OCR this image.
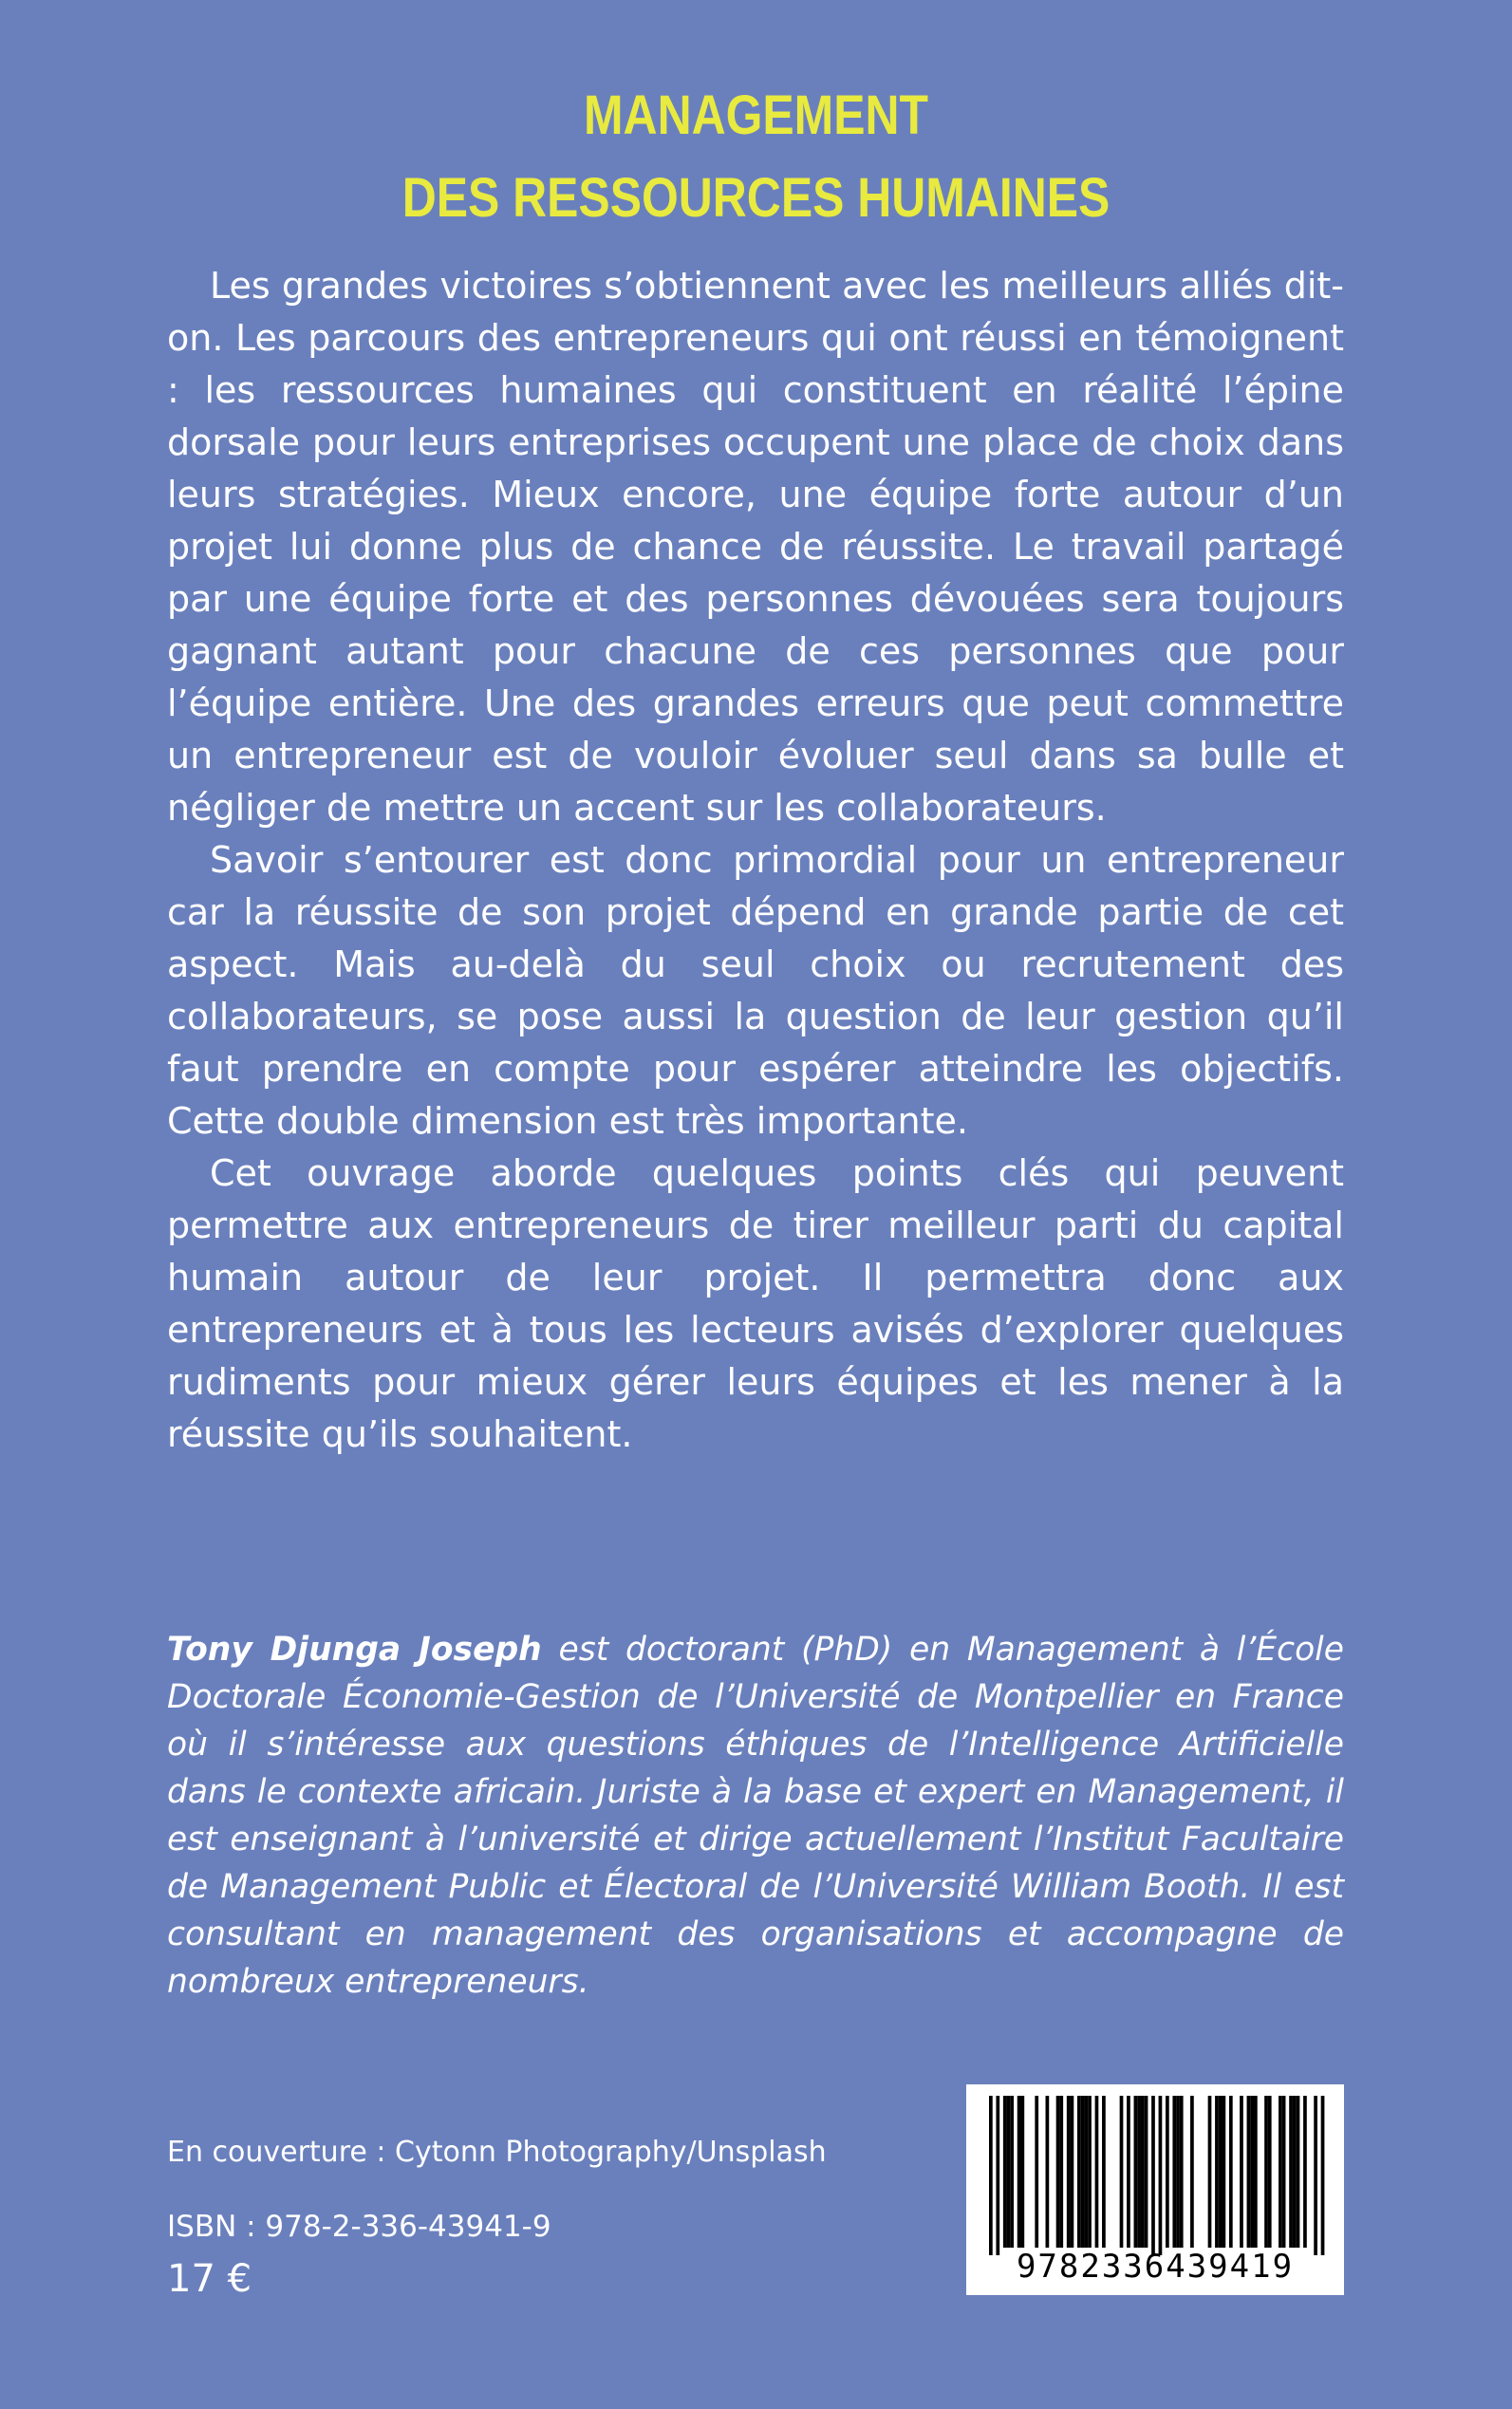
MANAGEMENT
DES RESSOURCES HUMAINES

Les grandes victoires s’obtiennent avec les meilleurs alliés dit-on. Les parcours des entrepreneurs qui ont réussi en témoignent : les ressources humaines qui constituent en réalité l’épine dorsale pour leurs entreprises occupent une place de choix dans leurs stratégies. Mieux encore, une équipe forte autour d’un projet lui donne plus de chance de réussite. Le travail partagé par une équipe forte et des personnes dévouées sera toujours gagnant autant pour chacune de ces personnes que pour l’équipe entière. Une des grandes erreurs que peut commettre un entrepreneur est de vouloir évoluer seul dans sa bulle et négliger de mettre un accent sur les collaborateurs.

Savoir s’entourer est donc primordial pour un entrepreneur car la réussite de son projet dépend en grande partie de cet aspect. Mais au-delà du seul choix ou recrutement des collaborateurs, se pose aussi la question de leur gestion qu’il faut prendre en compte pour espérer atteindre les objectifs. Cette double dimension est très importante.

Cet ouvrage aborde quelques points clés qui peuvent permettre aux entrepreneurs de tirer meilleur parti du capital humain autour de leur projet. Il permettra donc aux entrepreneurs et à tous les lecteurs avisés d’explorer quelques rudiments pour mieux gérer leurs équipes et les mener à la réussite qu’ils souhaitent.

Tony Djunga Joseph est doctorant (PhD) en Management à l’École Doctorale Économie-Gestion de l’Université de Montpellier en France où il s’intéresse aux questions éthiques de l’Intelligence Artificielle dans le contexte africain. Juriste à la base et expert en Management, il est enseignant à l’université et dirige actuellement l’Institut Facultaire de Management Public et Électoral de l’Université William Booth. Il est consultant en management des organisations et accompagne de nombreux entrepreneurs.
En couverture : Cytonn Photography/Unsplash
ISBN : 978-2-336-43941-9
17 €	9782336439419
